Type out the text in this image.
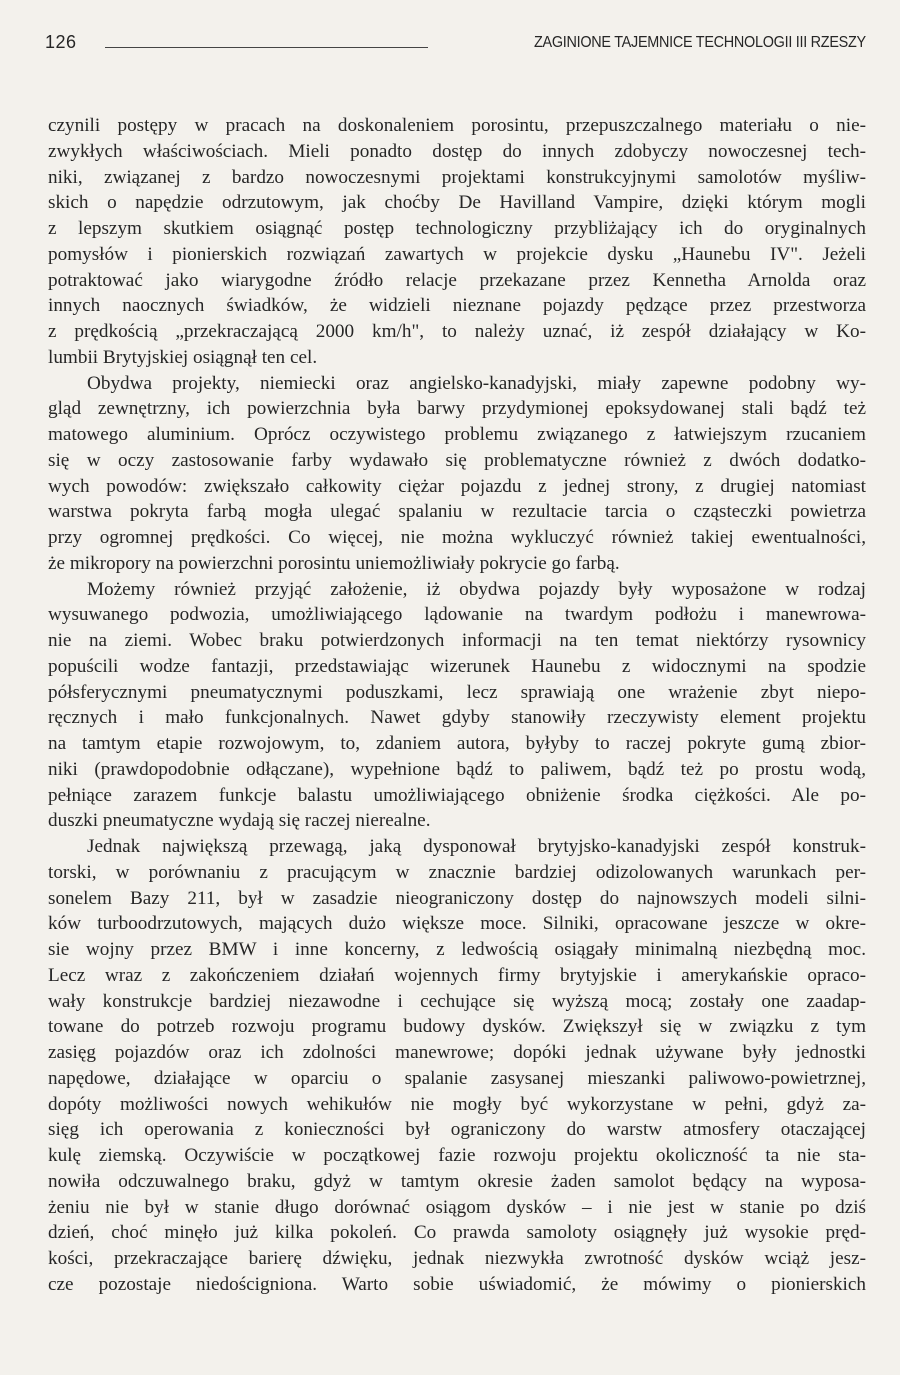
126	ZAGINIONE TAJEMNICE TECHNOLOGII III RZESZY
czynili postępy w pracach na doskonaleniem porosintu, przepuszczalnego materiału o nie-
zwykłych właściwościach. Mieli ponadto dostęp do innych zdobyczy nowoczesnej tech-
niki, związanej z bardzo nowoczesnymi projektami konstrukcyjnymi samolotów myśliw-
skich o napędzie odrzutowym, jak choćby De Havilland Vampire, dzięki którym mogli
z lepszym skutkiem osiągnąć postęp technologiczny przybliżający ich do oryginalnych
pomysłów i pionierskich rozwiązań zawartych w projekcie dysku „Haunebu IV". Jeżeli
potraktować jako wiarygodne źródło relacje przekazane przez Kennetha Arnolda oraz
innych naocznych świadków, że widzieli nieznane pojazdy pędzące przez przestworza
z prędkością „przekraczającą 2000 km/h", to należy uznać, iż zespół działający w Ko-
lumbii Brytyjskiej osiągnął ten cel.
Obydwa projekty, niemiecki oraz angielsko-kanadyjski, miały zapewne podobny wy-
gląd zewnętrzny, ich powierzchnia była barwy przydymionej epoksydowanej stali bądź też
matowego aluminium. Oprócz oczywistego problemu związanego z łatwiejszym rzucaniem
się w oczy zastosowanie farby wydawało się problematyczne również z dwóch dodatko-
wych powodów: zwiększało całkowity ciężar pojazdu z jednej strony, z drugiej natomiast
warstwa pokryta farbą mogła ulegać spalaniu w rezultacie tarcia o cząsteczki powietrza
przy ogromnej prędkości. Co więcej, nie można wykluczyć również takiej ewentualności,
że mikropory na powierzchni porosintu uniemożliwiały pokrycie go farbą.
Możemy również przyjąć założenie, iż obydwa pojazdy były wyposażone w rodzaj
wysuwanego podwozia, umożliwiającego lądowanie na twardym podłożu i manewrowa-
nie na ziemi. Wobec braku potwierdzonych informacji na ten temat niektórzy rysownicy
popuścili wodze fantazji, przedstawiając wizerunek Haunebu z widocznymi na spodzie
półsferycznymi pneumatycznymi poduszkami, lecz sprawiają one wrażenie zbyt niepo-
ręcznych i mało funkcjonalnych. Nawet gdyby stanowiły rzeczywisty element projektu
na tamtym etapie rozwojowym, to, zdaniem autora, byłyby to raczej pokryte gumą zbior-
niki (prawdopodobnie odłączane), wypełnione bądź to paliwem, bądź też po prostu wodą,
pełniące zarazem funkcje balastu umożliwiającego obniżenie środka ciężkości. Ale po-
duszki pneumatyczne wydają się raczej nierealne.
Jednak największą przewagą, jaką dysponował brytyjsko-kanadyjski zespół konstruk-
torski, w porównaniu z pracującym w znacznie bardziej odizolowanych warunkach per-
sonelem Bazy 211, był w zasadzie nieograniczony dostęp do najnowszych modeli silni-
ków turboodrzutowych, mających dużo większe moce. Silniki, opracowane jeszcze w okre-
sie wojny przez BMW i inne koncerny, z ledwością osiągały minimalną niezbędną moc.
Lecz wraz z zakończeniem działań wojennych firmy brytyjskie i amerykańskie opraco-
wały konstrukcje bardziej niezawodne i cechujące się wyższą mocą; zostały one zaadap-
towane do potrzeb rozwoju programu budowy dysków. Zwiększył się w związku z tym
zasięg pojazdów oraz ich zdolności manewrowe; dopóki jednak używane były jednostki
napędowe, działające w oparciu o spalanie zasysanej mieszanki paliwowo-powietrznej,
dopóty możliwości nowych wehikułów nie mogły być wykorzystane w pełni, gdyż za-
sięg ich operowania z konieczności był ograniczony do warstw atmosfery otaczającej
kulę ziemską. Oczywiście w początkowej fazie rozwoju projektu okoliczność ta nie sta-
nowiła odczuwalnego braku, gdyż w tamtym okresie żaden samolot będący na wyposa-
żeniu nie był w stanie długo dorównać osiągom dysków – i nie jest w stanie po dziś
dzień, choć minęło już kilka pokoleń. Co prawda samoloty osiągnęły już wysokie pręd-
kości, przekraczające barierę dźwięku, jednak niezwykła zwrotność dysków wciąż jesz-
cze pozostaje niedościgniona. Warto sobie uświadomić, że mówimy o pionierskich
